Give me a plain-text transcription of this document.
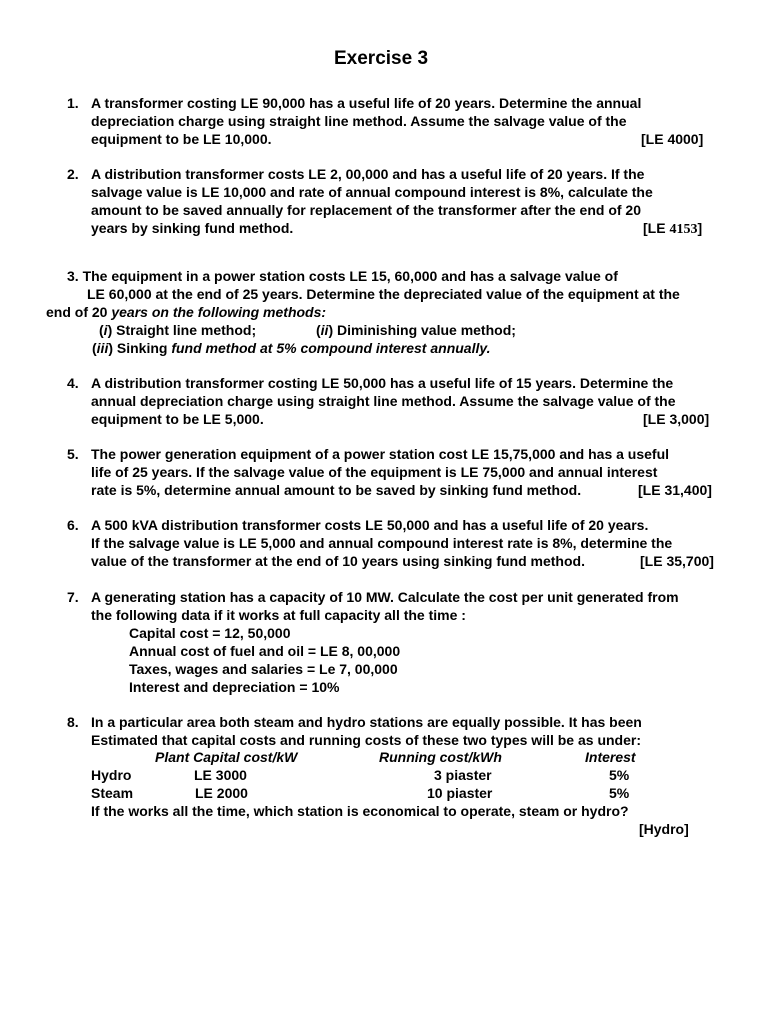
Exercise 3
1. A transformer costing LE 90,000 has a useful life of 20 years. Determine the annual
depreciation charge using straight line method. Assume the salvage value of the
equipment to be LE 10,000.	[LE 4000]
2. A distribution transformer costs LE 2, 00,000 and has a useful life of 20 years. If the
salvage value is LE 10,000 and rate of annual compound interest is 8%, calculate the
amount to be saved annually for replacement of the transformer after the end of 20
years by sinking fund method.	[LE 4153]
3. The equipment in a power station costs LE 15, 60,000 and has a salvage value of
LE 60,000 at the end of 25 years. Determine the depreciated value of the equipment at the
end of 20 years on the following methods:
(i) Straight line method;	(ii) Diminishing value method;
(iii) Sinking fund method at 5% compound interest annually.
4. A distribution transformer costing LE 50,000 has a useful life of 15 years. Determine the
annual depreciation charge using straight line method. Assume the salvage value of the
equipment to be LE 5,000.	[LE 3,000]
5. The power generation equipment of a power station cost LE 15,75,000 and has a useful
life of 25 years. If the salvage value of the equipment is LE 75,000 and annual interest
rate is 5%, determine annual amount to be saved by sinking fund method.	[LE 31,400]
6. A 500 kVA distribution transformer costs LE 50,000 and has a useful life of 20 years.
If the salvage value is LE 5,000 and annual compound interest rate is 8%, determine the
value of the transformer at the end of 10 years using sinking fund method.	[LE 35,700]
7. A generating station has a capacity of 10 MW. Calculate the cost per unit generated from
the following data if it works at full capacity all the time :
Capital cost = 12, 50,000
Annual cost of fuel and oil = LE 8, 00,000
Taxes, wages and salaries = Le 7, 00,000
Interest and depreciation = 10%
8. In a particular area both steam and hydro stations are equally possible. It has been
Estimated that capital costs and running costs of these two types will be as under:
Plant Capital cost/kW	Running cost/kWh	Interest
Hydro	LE 3000	3 piaster	5%
Steam	LE 2000	10 piaster	5%
If the works all the time, which station is economical to operate, steam or hydro?
[Hydro]
